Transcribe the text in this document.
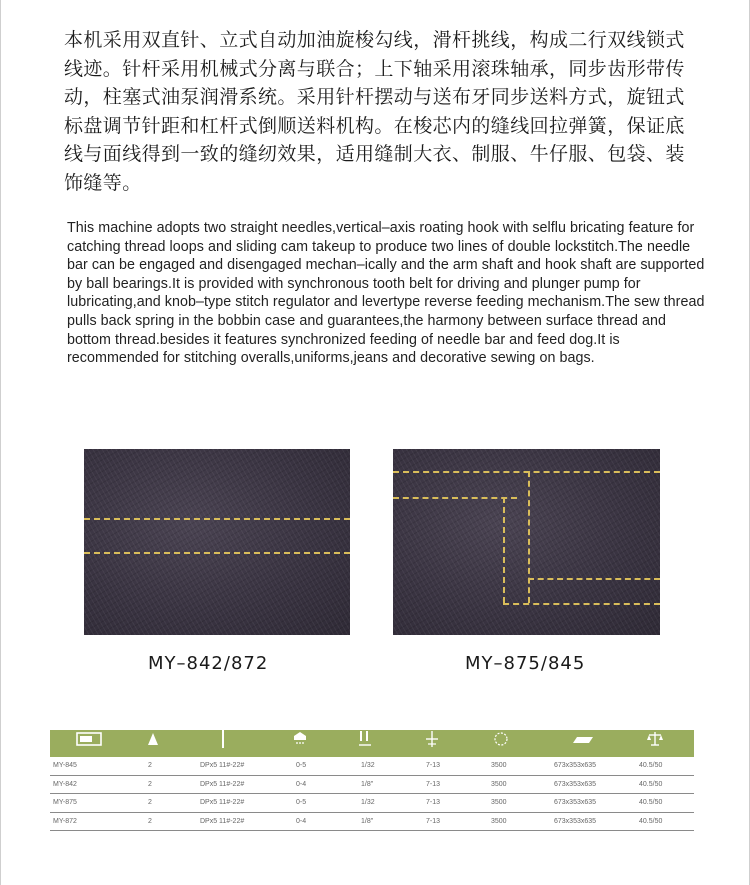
本机采用双直针、立式自动加油旋梭勾线，滑杆挑线，构成二行双线锁式线迹。针杆采用机械式分离与联合；上下轴采用滚珠轴承，同步齿形带传动，柱塞式油泵润滑系统。采用针杆摆动与送布牙同步送料方式，旋钮式标盘调节针距和杠杆式倒顺送料机构。在梭芯内的缝线回拉弹簧，保证底线与面线得到一致的缝纫效果，适用缝制大衣、制服、牛仔服、包袋、装饰缝等。

This machine adopts two straight needles,vertical–axis roating hook with selflu bricating feature for catching thread loops and sliding cam takeup to produce two lines of double lockstitch.The needle bar can be engaged and disengaged mechan–ically and the arm shaft and hook shaft are supported by ball bearings.It is provided with synchronous tooth belt for driving and plunger pump for lubricating,and knob–type stitch regulator and levertype reverse feeding mechanism.The sew thread pulls back spring in the bobbin case and guarantees,the harmony between surface thread and bottom thread.besides it features synchronized feeding of needle bar and feed dog.It is recommended for stitching overalls,uniforms,jeans and decorative sewing on bags.

MY–842/872	MY–875/845
MY-845	2	DPx5 11#-22#	0-5	1/32	7-13	3500	673x353x635	40.5/50
MY-842	2	DPx5 11#-22#	0-4	1/8"	7-13	3500	673x353x635	40.5/50
MY-875	2	DPx5 11#-22#	0-5	1/32	7-13	3500	673x353x635	40.5/50
MY-872	2	DPx5 11#-22#	0-4	1/8"	7-13	3500	673x353x635	40.5/50
